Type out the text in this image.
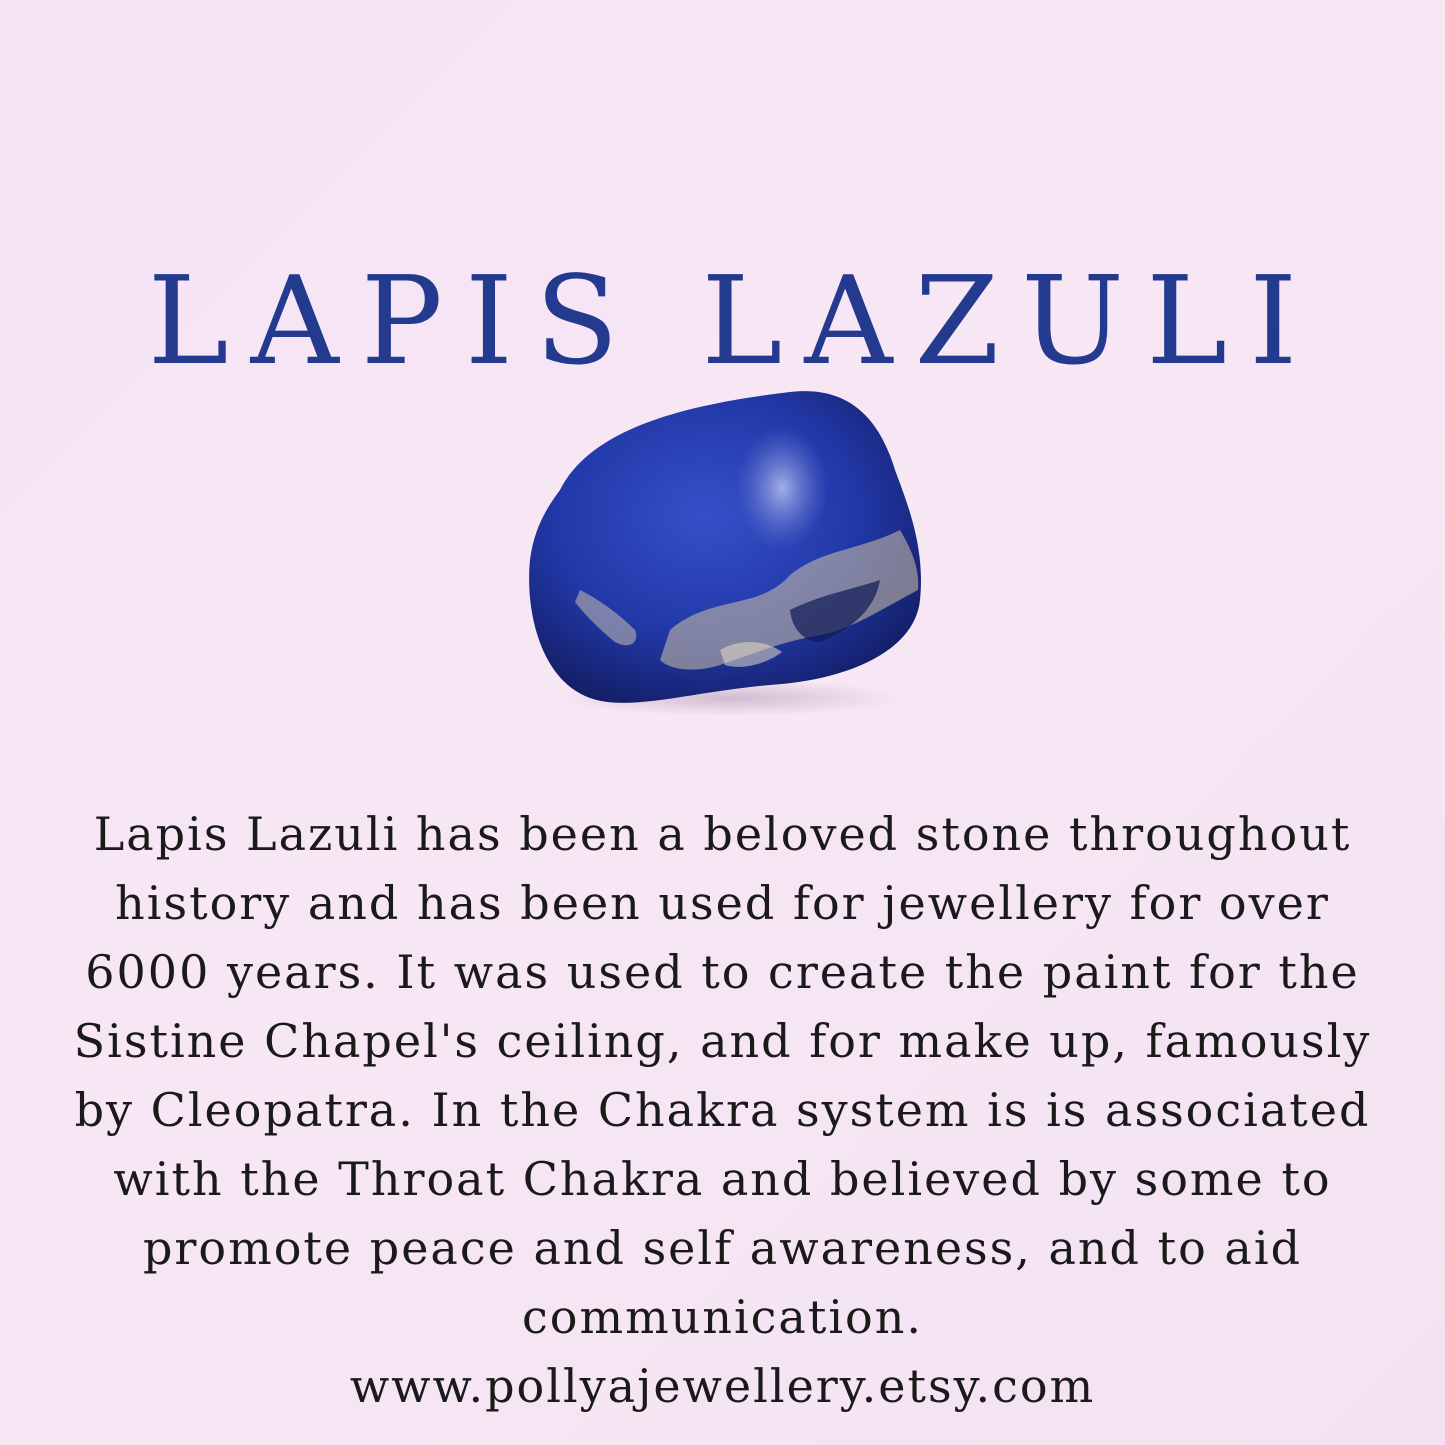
LAPIS LAZULI
Lapis Lazuli has been a beloved stone throughout history and has been used for jewellery for over 6000 years. It was used to create the paint for the Sistine Chapel's ceiling, and for make up, famously by Cleopatra. In the Chakra system is is associated with the Throat Chakra and believed by some to promote peace and self awareness, and to aid communication.
www.pollyajewellery.etsy.com
